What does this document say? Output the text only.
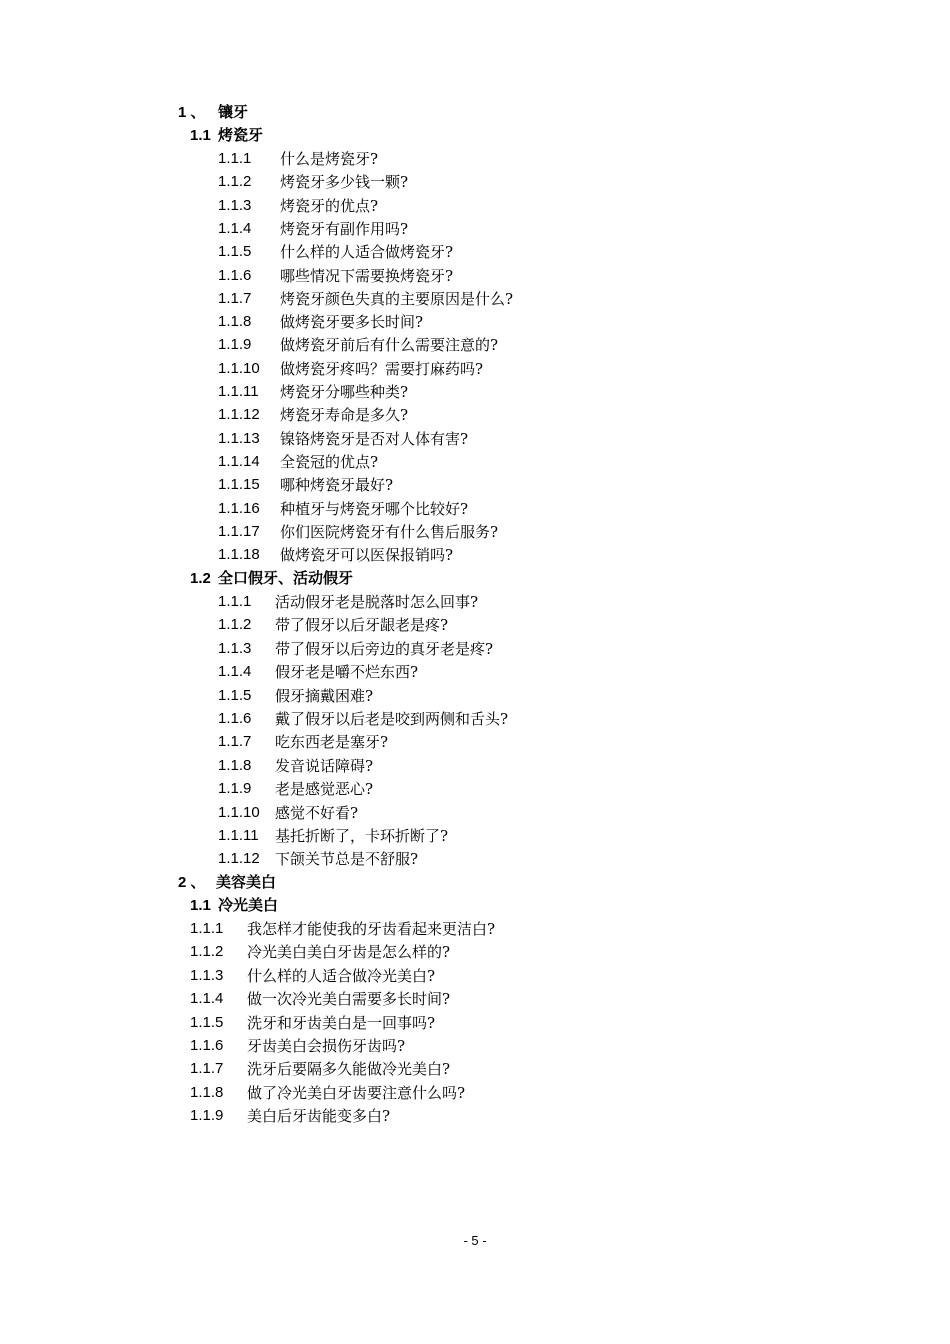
1 、 镶牙
1.1 烤瓷牙
1.1.1 什么是烤瓷牙?
1.1.2 烤瓷牙多少钱一颗?
1.1.3 烤瓷牙的优点?
1.1.4 烤瓷牙有副作用吗?
1.1.5 什么样的人适合做烤瓷牙?
1.1.6 哪些情况下需要换烤瓷牙?
1.1.7 烤瓷牙颜色失真的主要原因是什么?
1.1.8 做烤瓷牙要多长时间?
1.1.9 做烤瓷牙前后有什么需要注意的?
1.1.10 做烤瓷牙疼吗？需要打麻药吗?
1.1.11 烤瓷牙分哪些种类?
1.1.12 烤瓷牙寿命是多久?
1.1.13 镍铬烤瓷牙是否对人体有害?
1.1.14 全瓷冠的优点?
1.1.15 哪种烤瓷牙最好?
1.1.16 种植牙与烤瓷牙哪个比较好?
1.1.17 你们医院烤瓷牙有什么售后服务?
1.1.18 做烤瓷牙可以医保报销吗?
1.2 全口假牙、活动假牙
1.1.1 活动假牙老是脱落时怎么回事?
1.1.2 带了假牙以后牙龈老是疼?
1.1.3 带了假牙以后旁边的真牙老是疼?
1.1.4 假牙老是嚼不烂东西?
1.1.5 假牙摘戴困难?
1.1.6 戴了假牙以后老是咬到两侧和舌头?
1.1.7 吃东西老是塞牙?
1.1.8 发音说话障碍?
1.1.9 老是感觉恶心?
1.1.10 感觉不好看?
1.1.11 基托折断了，卡环折断了?
1.1.12 下颌关节总是不舒服?
2 、 美容美白
1.1 冷光美白
1.1.1 我怎样才能使我的牙齿看起来更洁白?
1.1.2 冷光美白美白牙齿是怎么样的?
1.1.3 什么样的人适合做冷光美白?
1.1.4 做一次冷光美白需要多长时间?
1.1.5 洗牙和牙齿美白是一回事吗?
1.1.6 牙齿美白会损伤牙齿吗?
1.1.7 洗牙后要隔多久能做冷光美白?
1.1.8 做了冷光美白牙齿要注意什么吗?
1.1.9 美白后牙齿能变多白?
- 5 -
